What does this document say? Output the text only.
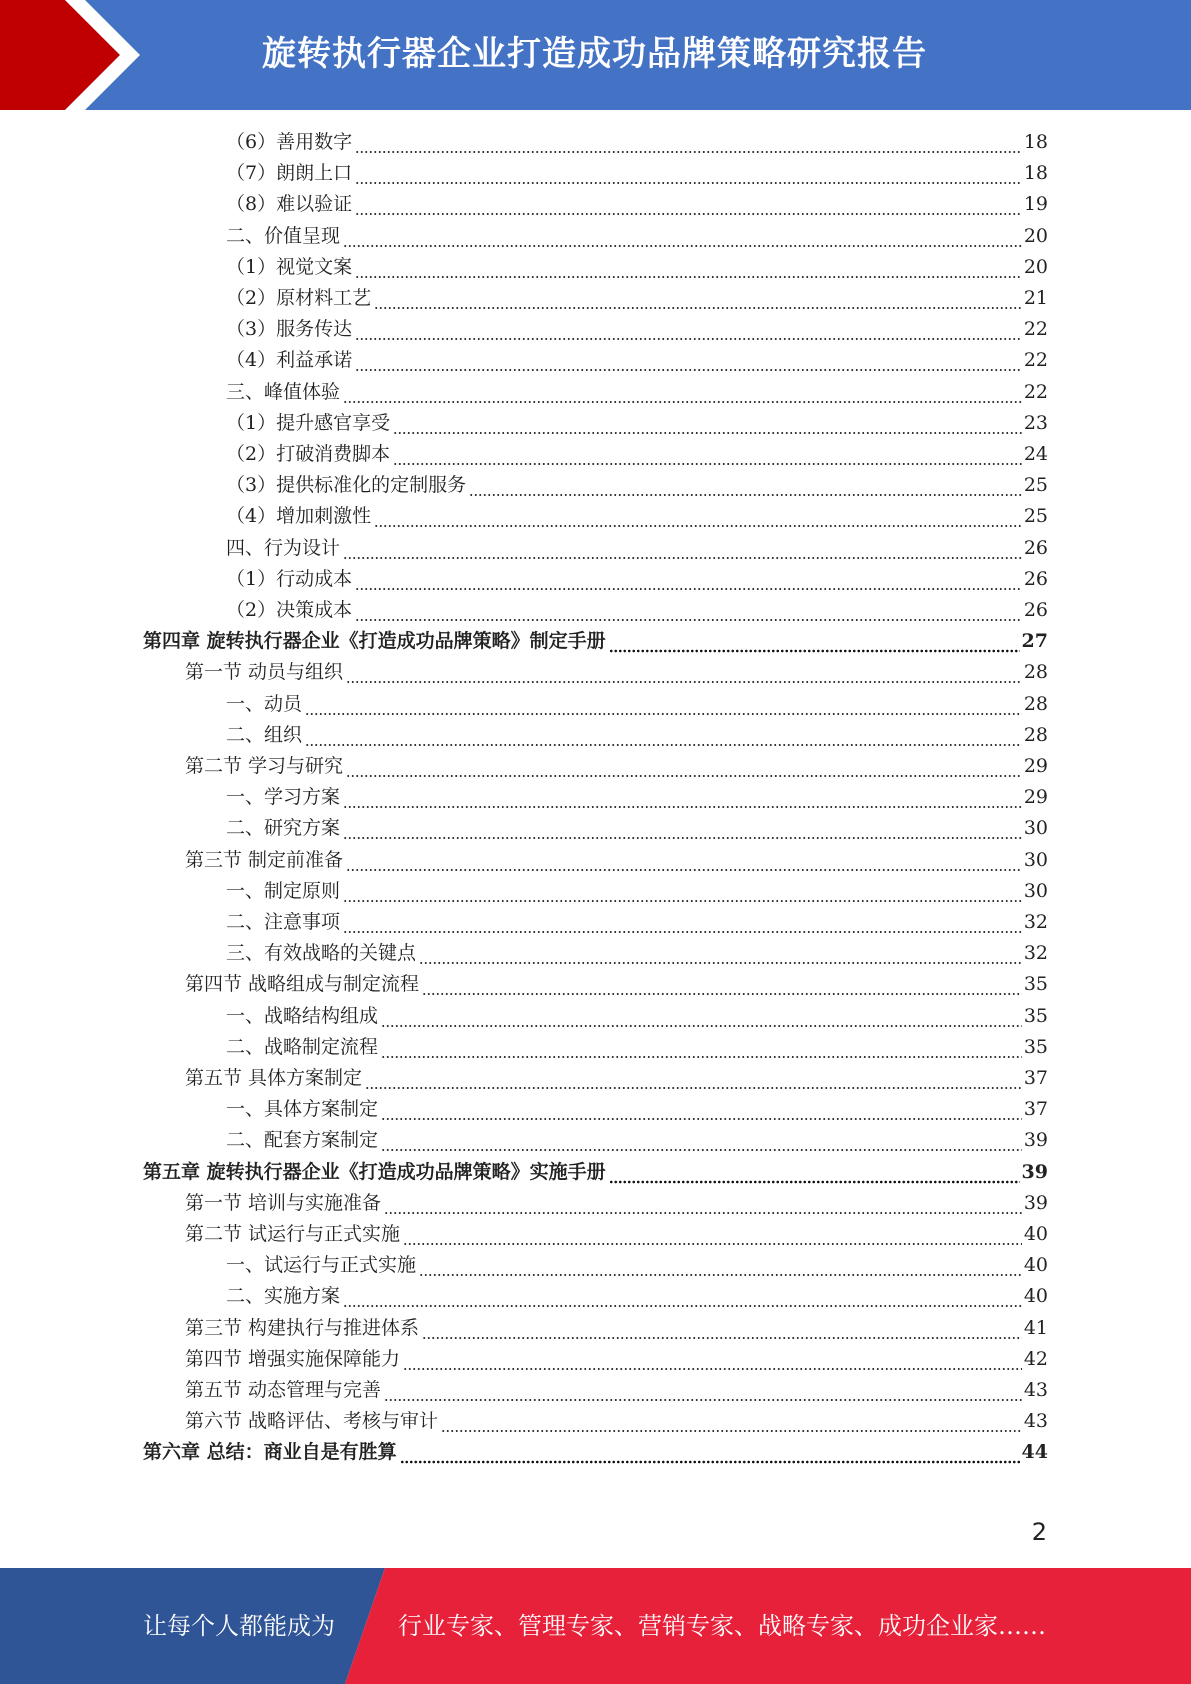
旋转执行器企业打造成功品牌策略研究报告
（6）善用数字	18
（7）朗朗上口	18
（8）难以验证	19
二、价值呈现	20
（1）视觉文案	20
（2）原材料工艺	21
（3）服务传达	22
（4）利益承诺	22
三、峰值体验	22
（1）提升感官享受	23
（2）打破消费脚本	24
（3）提供标准化的定制服务	25
（4）增加刺激性	25
四、行为设计	26
（1）行动成本	26
（2）决策成本	26
第四章 旋转执行器企业《打造成功品牌策略》制定手册	27
第一节 动员与组织	28
一、动员	28
二、组织	28
第二节 学习与研究	29
一、学习方案	29
二、研究方案	30
第三节 制定前准备	30
一、制定原则	30
二、注意事项	32
三、有效战略的关键点	32
第四节 战略组成与制定流程	35
一、战略结构组成	35
二、战略制定流程	35
第五节 具体方案制定	37
一、具体方案制定	37
二、配套方案制定	39
第五章 旋转执行器企业《打造成功品牌策略》实施手册	39
第一节 培训与实施准备	39
第二节 试运行与正式实施	40
一、试运行与正式实施	40
二、实施方案	40
第三节 构建执行与推进体系	41
第四节 增强实施保障能力	42
第五节 动态管理与完善	43
第六节 战略评估、考核与审计	43
第六章 总结：商业自是有胜算	44
2
让每个人都能成为	行业专家、管理专家、营销专家、战略专家、成功企业家……
